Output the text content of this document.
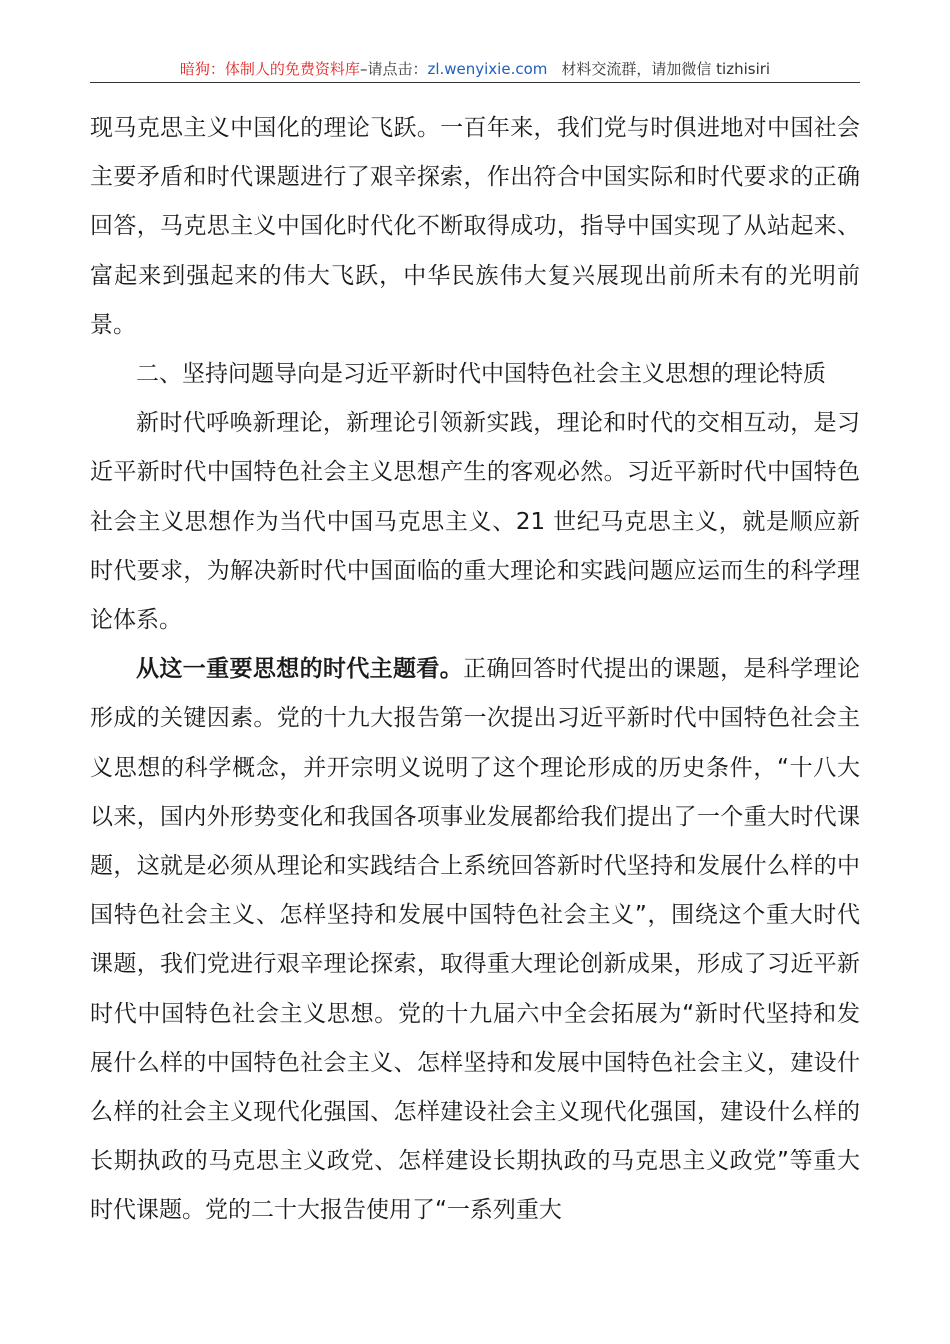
暗狗：体制人的免费资料库–请点击：zl.wenyixie.com 材料交流群，请加微信 tizhisiri

现马克思主义中国化的理论飞跃。一百年来，我们党与时俱进地对中国社会主要矛盾和时代课题进行了艰辛探索，作出符合中国实际和时代要求的正确回答，马克思主义中国化时代化不断取得成功，指导中国实现了从站起来、富起来到强起来的伟大飞跃，中华民族伟大复兴展现出前所未有的光明前景。

二、坚持问题导向是习近平新时代中国特色社会主义思想的理论特质

新时代呼唤新理论，新理论引领新实践，理论和时代的交相互动，是习近平新时代中国特色社会主义思想产生的客观必然。习近平新时代中国特色社会主义思想作为当代中国马克思主义、21 世纪马克思主义，就是顺应新时代要求，为解决新时代中国面临的重大理论和实践问题应运而生的科学理论体系。

从这一重要思想的时代主题看。正确回答时代提出的课题，是科学理论形成的关键因素。党的十九大报告第一次提出习近平新时代中国特色社会主义思想的科学概念，并开宗明义说明了这个理论形成的历史条件，“十八大以来，国内外形势变化和我国各项事业发展都给我们提出了一个重大时代课题，这就是必须从理论和实践结合上系统回答新时代坚持和发展什么样的中国特色社会主义、怎样坚持和发展中国特色社会主义”，围绕这个重大时代课题，我们党进行艰辛理论探索，取得重大理论创新成果，形成了习近平新时代中国特色社会主义思想。党的十九届六中全会拓展为“新时代坚持和发展什么样的中国特色社会主义、怎样坚持和发展中国特色社会主义，建设什么样的社会主义现代化强国、怎样建设社会主义现代化强国，建设什么样的长期执政的马克思主义政党、怎样建设长期执政的马克思主义政党”等重大时代课题。党的二十大报告使用了“一系列重大
